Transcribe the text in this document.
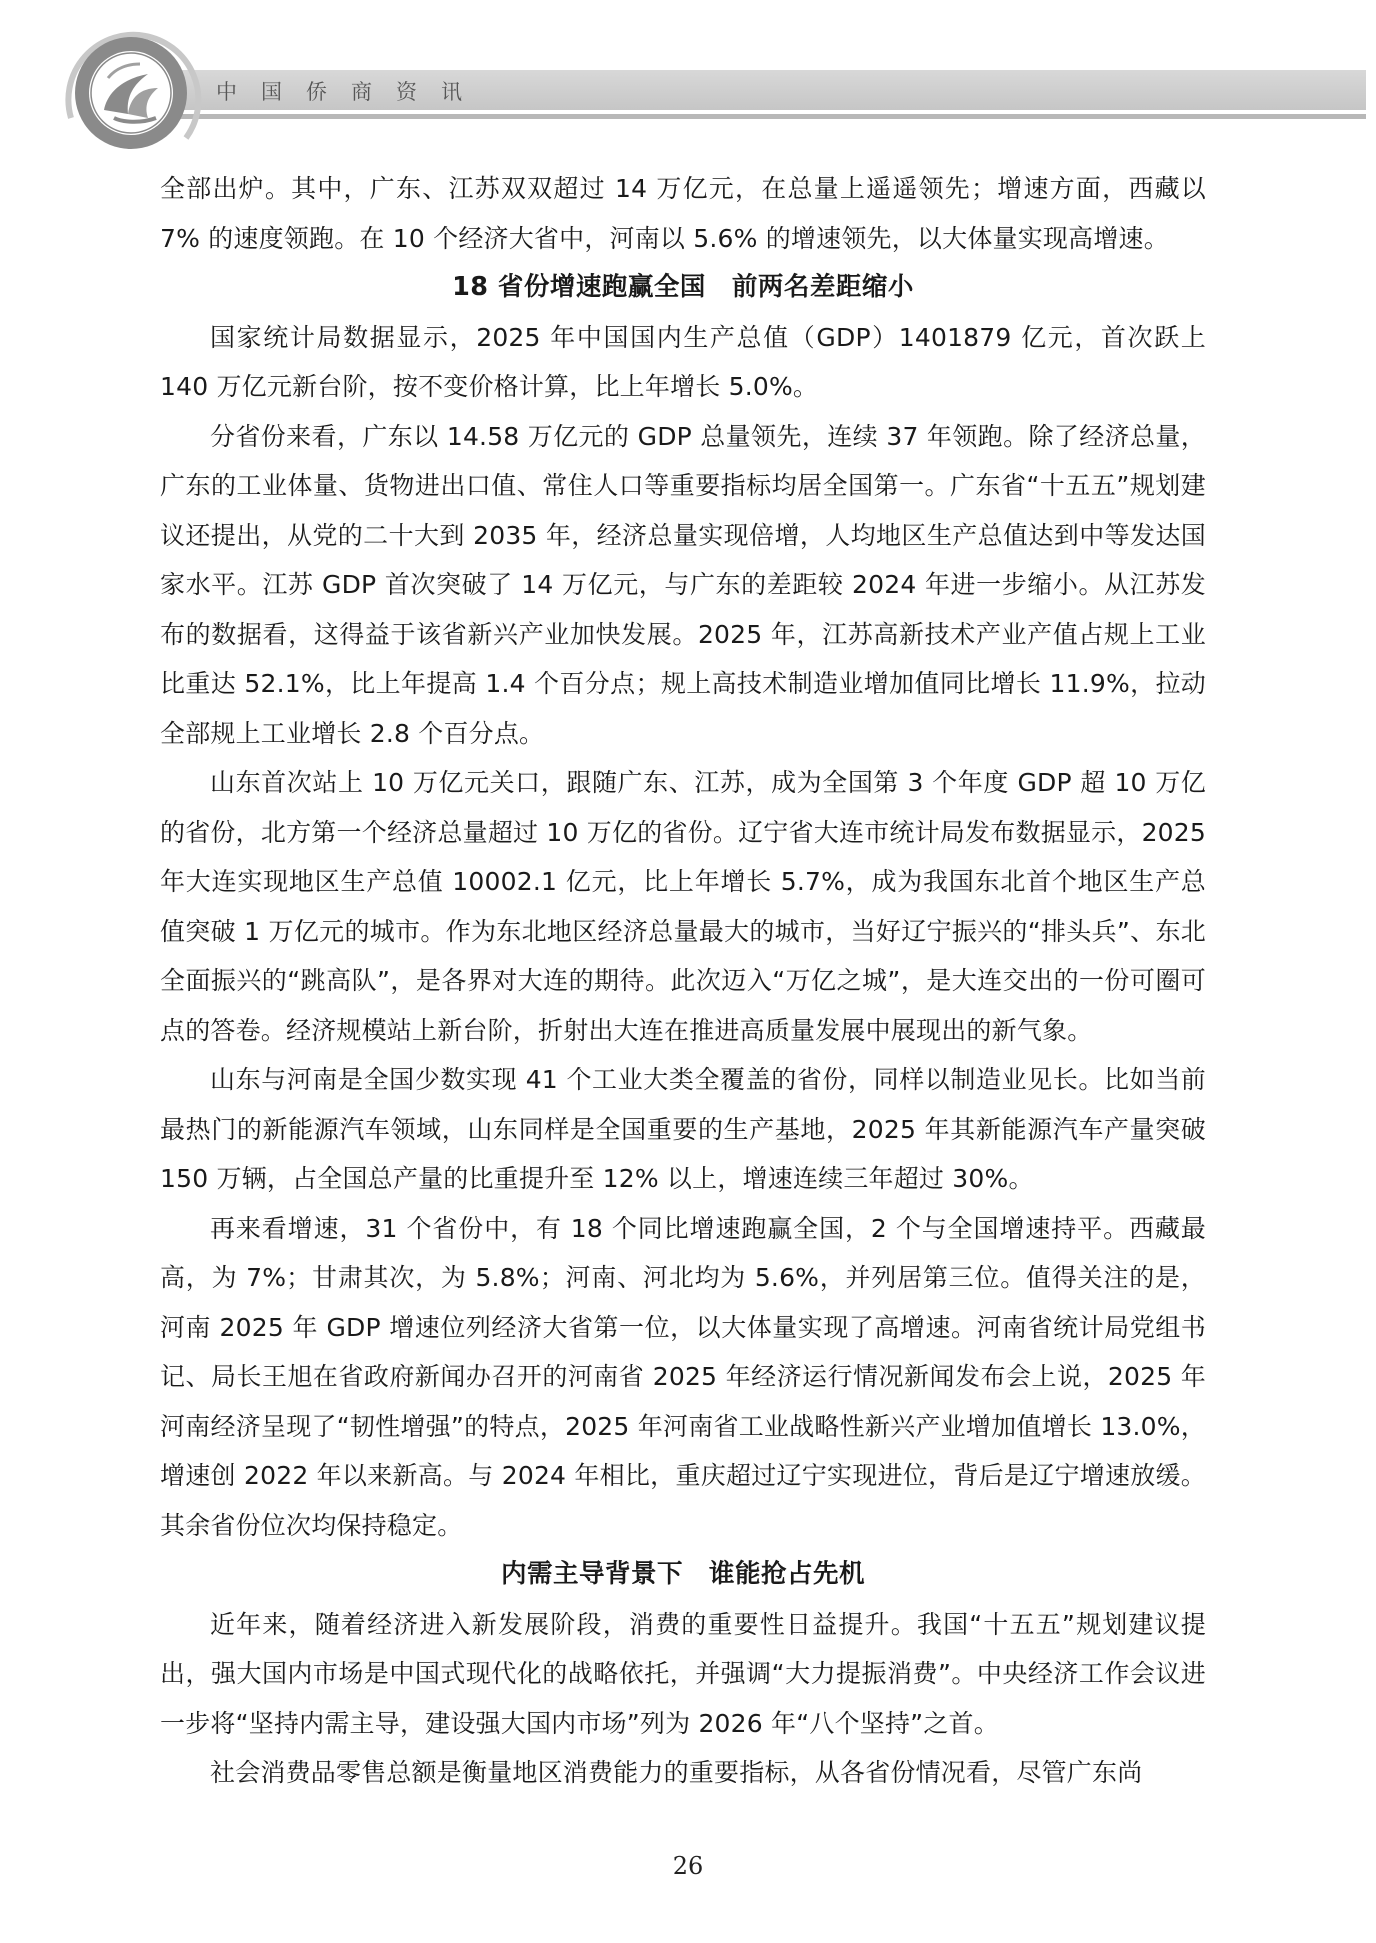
中国侨商资讯

全部出炉。其中，广东、江苏双双超过 14 万亿元，在总量上遥遥领先；增速方面，西藏以 7% 的速度领跑。在 10 个经济大省中，河南以 5.6% 的增速领先，以大体量实现高增速。

18 省份增速跑赢全国　前两名差距缩小

国家统计局数据显示，2025 年中国国内生产总值（GDP）1401879 亿元，首次跃上 140 万亿元新台阶，按不变价格计算，比上年增长 5.0%。

分省份来看，广东以 14.58 万亿元的 GDP 总量领先，连续 37 年领跑。除了经济总量，广东的工业体量、货物进出口值、常住人口等重要指标均居全国第一。广东省“十五五”规划建议还提出，从党的二十大到 2035 年，经济总量实现倍增，人均地区生产总值达到中等发达国家水平。江苏 GDP 首次突破了 14 万亿元，与广东的差距较 2024 年进一步缩小。从江苏发布的数据看，这得益于该省新兴产业加快发展。2025 年，江苏高新技术产业产值占规上工业比重达 52.1%，比上年提高 1.4 个百分点；规上高技术制造业增加值同比增长 11.9%，拉动全部规上工业增长 2.8 个百分点。

山东首次站上 10 万亿元关口，跟随广东、江苏，成为全国第 3 个年度 GDP 超 10 万亿的省份，北方第一个经济总量超过 10 万亿的省份。辽宁省大连市统计局发布数据显示，2025 年大连实现地区生产总值 10002.1 亿元，比上年增长 5.7%，成为我国东北首个地区生产总值突破 1 万亿元的城市。作为东北地区经济总量最大的城市，当好辽宁振兴的“排头兵”、东北全面振兴的“跳高队”，是各界对大连的期待。此次迈入“万亿之城”，是大连交出的一份可圈可点的答卷。经济规模站上新台阶，折射出大连在推进高质量发展中展现出的新气象。

山东与河南是全国少数实现 41 个工业大类全覆盖的省份，同样以制造业见长。比如当前最热门的新能源汽车领域，山东同样是全国重要的生产基地，2025 年其新能源汽车产量突破 150 万辆，占全国总产量的比重提升至 12% 以上，增速连续三年超过 30%。

再来看增速，31 个省份中，有 18 个同比增速跑赢全国，2 个与全国增速持平。西藏最高，为 7%；甘肃其次，为 5.8%；河南、河北均为 5.6%，并列居第三位。值得关注的是，河南 2025 年 GDP 增速位列经济大省第一位，以大体量实现了高增速。河南省统计局党组书记、局长王旭在省政府新闻办召开的河南省 2025 年经济运行情况新闻发布会上说，2025 年河南经济呈现了“韧性增强”的特点，2025 年河南省工业战略性新兴产业增加值增长 13.0%，增速创 2022 年以来新高。与 2024 年相比，重庆超过辽宁实现进位，背后是辽宁增速放缓。其余省份位次均保持稳定。

内需主导背景下　谁能抢占先机

近年来，随着经济进入新发展阶段，消费的重要性日益提升。我国“十五五”规划建议提出，强大国内市场是中国式现代化的战略依托，并强调“大力提振消费”。中央经济工作会议进一步将“坚持内需主导，建设强大国内市场”列为 2026 年“八个坚持”之首。

社会消费品零售总额是衡量地区消费能力的重要指标，从各省份情况看，尽管广东尚

26
